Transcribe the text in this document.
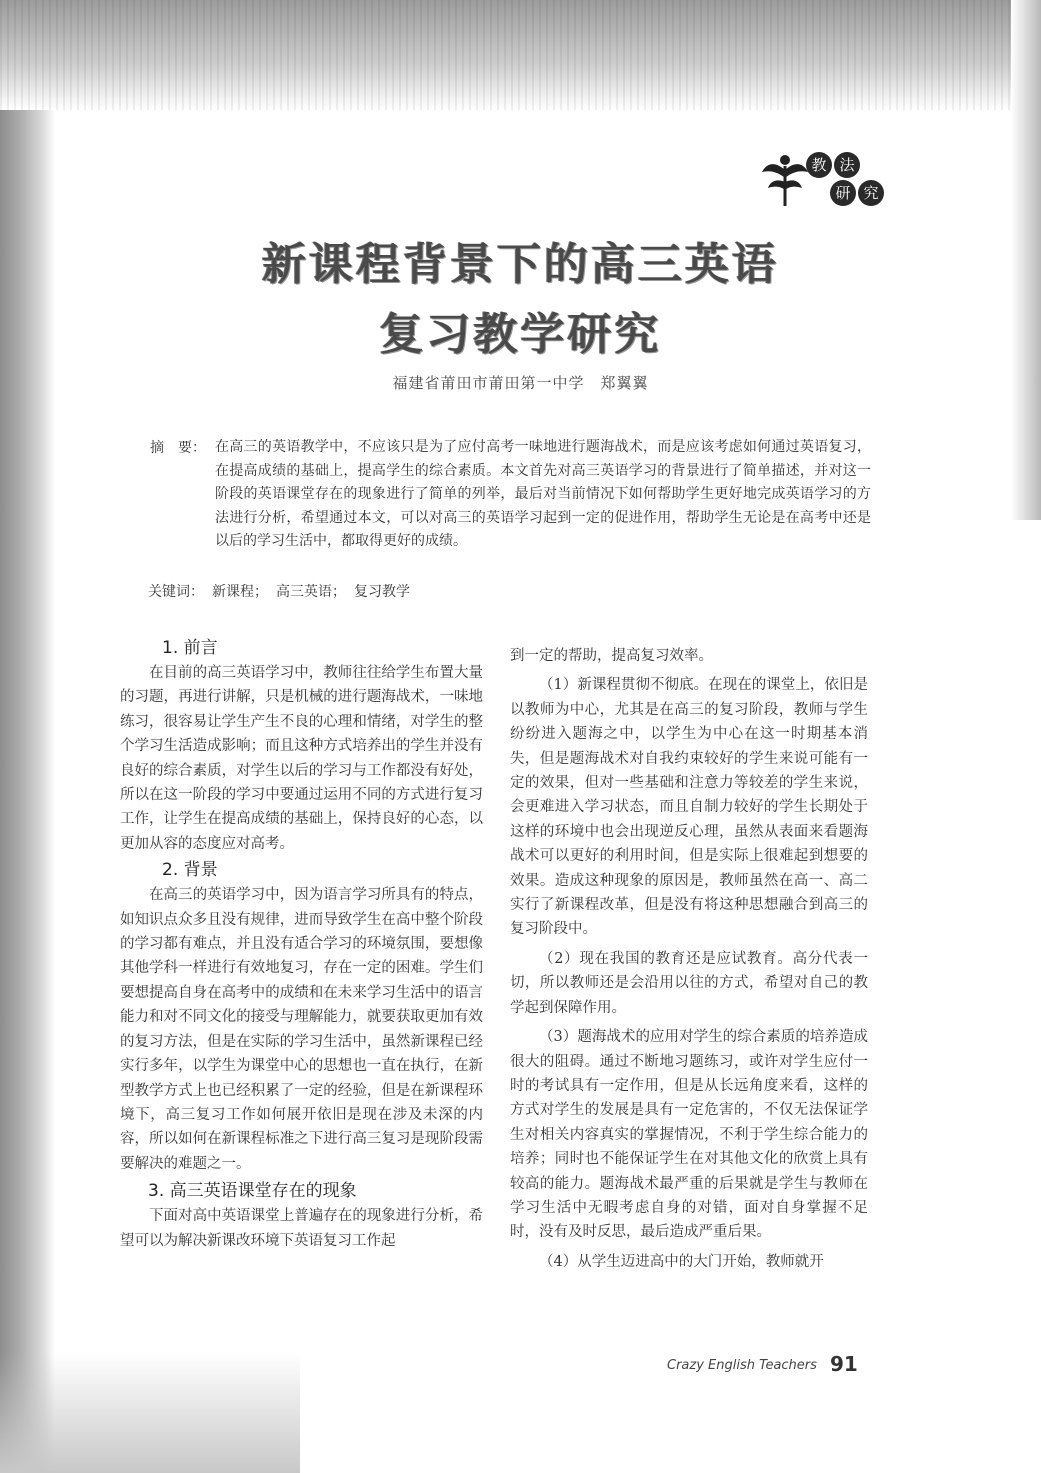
教 法
研 究
新课程背景下的高三英语
复习教学研究
福建省莆田市莆田第一中学　郑翼翼
摘　要： 在高三的英语教学中，不应该只是为了应付高考一味地进行题海战术，而是应该考虑如何通过英语复习，在提高成绩的基础上，提高学生的综合素质。本文首先对高三英语学习的背景进行了简单描述，并对这一阶段的英语课堂存在的现象进行了简单的列举，最后对当前情况下如何帮助学生更好地完成英语学习的方法进行分析，希望通过本文，可以对高三的英语学习起到一定的促进作用，帮助学生无论是在高考中还是以后的学习生活中，都取得更好的成绩。
关键词： 新课程； 高三英语； 复习教学
1. 前言

在目前的高三英语学习中，教师往往给学生布置大量的习题，再进行讲解，只是机械的进行题海战术，一味地练习，很容易让学生产生不良的心理和情绪，对学生的整个学习生活造成影响；而且这种方式培养出的学生并没有良好的综合素质，对学生以后的学习与工作都没有好处，所以在这一阶段的学习中要通过运用不同的方式进行复习工作，让学生在提高成绩的基础上，保持良好的心态，以更加从容的态度应对高考。

2. 背景

在高三的英语学习中，因为语言学习所具有的特点，如知识点众多且没有规律，进而导致学生在高中整个阶段的学习都有难点，并且没有适合学习的环境氛围，要想像其他学科一样进行有效地复习，存在一定的困难。学生们要想提高自身在高考中的成绩和在未来学习生活中的语言能力和对不同文化的接受与理解能力，就要获取更加有效的复习方法，但是在实际的学习生活中，虽然新课程已经实行多年，以学生为课堂中心的思想也一直在执行，在新型教学方式上也已经积累了一定的经验，但是在新课程环境下，高三复习工作如何展开依旧是现在涉及未深的内容，所以如何在新课程标准之下进行高三复习是现阶段需要解决的难题之一。

3. 高三英语课堂存在的现象

下面对高中英语课堂上普遍存在的现象进行分析，希望可以为解决新课改环境下英语复习工作起

到一定的帮助，提高复习效率。

（1）新课程贯彻不彻底。在现在的课堂上，依旧是以教师为中心，尤其是在高三的复习阶段，教师与学生纷纷进入题海之中，以学生为中心在这一时期基本消失，但是题海战术对自我约束较好的学生来说可能有一定的效果，但对一些基础和注意力等较差的学生来说，会更难进入学习状态，而且自制力较好的学生长期处于这样的环境中也会出现逆反心理，虽然从表面来看题海战术可以更好的利用时间，但是实际上很难起到想要的效果。造成这种现象的原因是，教师虽然在高一、高二实行了新课程改革，但是没有将这种思想融合到高三的复习阶段中。

（2）现在我国的教育还是应试教育。高分代表一切，所以教师还是会沿用以往的方式，希望对自己的教学起到保障作用。

（3）题海战术的应用对学生的综合素质的培养造成很大的阻碍。通过不断地习题练习，或许对学生应付一时的考试具有一定作用，但是从长远角度来看，这样的方式对学生的发展是具有一定危害的，不仅无法保证学生对相关内容真实的掌握情况，不利于学生综合能力的培养；同时也不能保证学生在对其他文化的欣赏上具有较高的能力。题海战术最严重的后果就是学生与教师在学习生活中无暇考虑自身的对错，面对自身掌握不足时，没有及时反思，最后造成严重后果。

（4）从学生迈进高中的大门开始，教师就开

Crazy English Teachers 91
